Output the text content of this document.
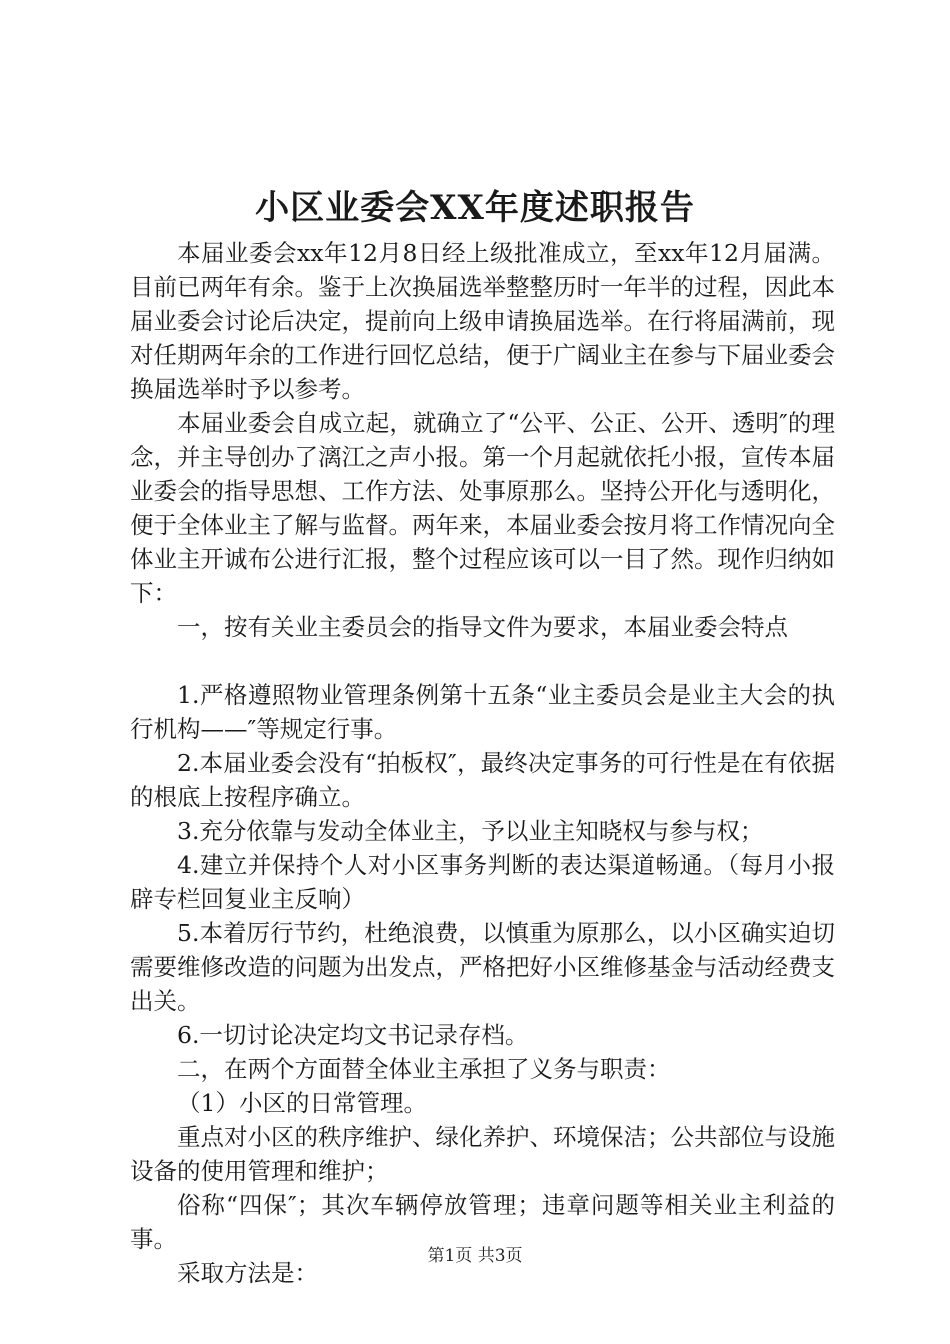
小区业委会XX年度述职报告

本届业委会xx年12月8日经上级批准成立，至xx年12月届满。目前已两年有余。鉴于上次换届选举整整历时一年半的过程，因此本届业委会讨论后决定，提前向上级申请换届选举。在行将届满前，现对任期两年余的工作进行回忆总结，便于广阔业主在参与下届业委会换届选举时予以参考。

本届业委会自成立起，就确立了“公平、公正、公开、透明″的理念，并主导创办了漓江之声小报。第一个月起就依托小报，宣传本届业委会的指导思想、工作方法、处事原那么。坚持公开化与透明化，便于全体业主了解与监督。两年来，本届业委会按月将工作情况向全体业主开诚布公进行汇报，整个过程应该可以一目了然。现作归纳如下：

一，按有关业主委员会的指导文件为要求，本届业委会特点

1.严格遵照物业管理条例第十五条“业主委员会是业主大会的执行机构——″等规定行事。

2.本届业委会没有“拍板权″，最终决定事务的可行性是在有依据的根底上按程序确立。

3.充分依靠与发动全体业主，予以业主知晓权与参与权；

4.建立并保持个人对小区事务判断的表达渠道畅通。（每月小报辟专栏回复业主反响）

5.本着厉行节约，杜绝浪费，以慎重为原那么，以小区确实迫切需要维修改造的问题为出发点，严格把好小区维修基金与活动经费支出关。

6.一切讨论决定均文书记录存档。

二，在两个方面替全体业主承担了义务与职责：

（1）小区的日常管理。

重点对小区的秩序维护、绿化养护、环境保洁；公共部位与设施设备的使用管理和维护；

俗称“四保″；其次车辆停放管理；违章问题等相关业主利益的事。

采取方法是：

第1页 共3页
